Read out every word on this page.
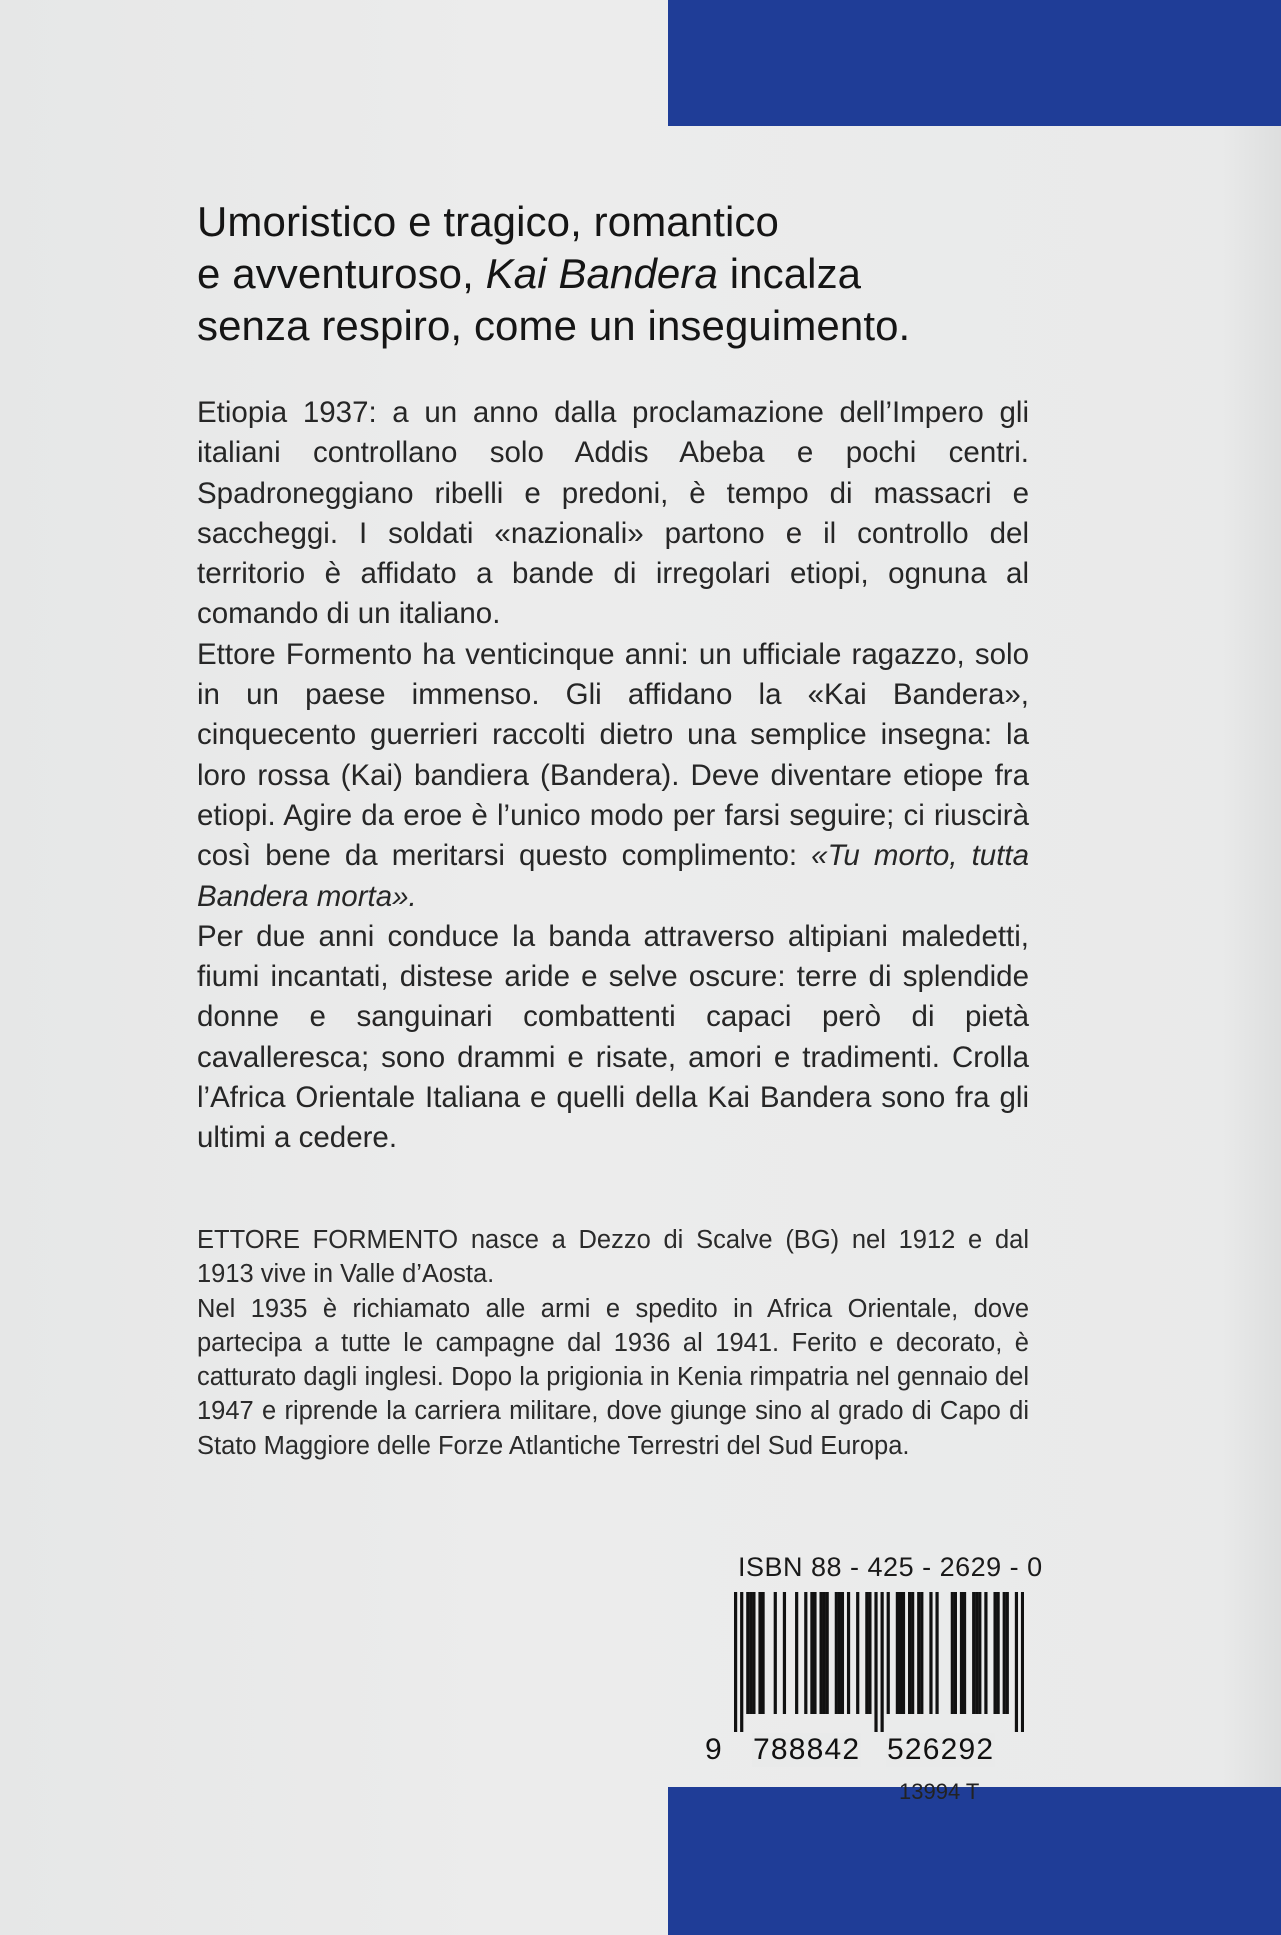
Umoristico e tragico, romantico
e avventuroso, Kai Bandera incalza
senza respiro, come un inseguimento.

Etiopia 1937: a un anno dalla proclamazione dell’Impero gli italiani controllano solo Addis Abeba e pochi centri. Spadroneggiano ribelli e predoni, è tempo di massacri e saccheggi. I soldati «nazionali» partono e il controllo del territorio è affidato a bande di irregolari etiopi, ognuna al comando di un italiano.

Ettore Formento ha venticinque anni: un ufficiale ragazzo, solo in un paese immenso. Gli affidano la «Kai Bandera», cinquecento guerrieri raccolti dietro una semplice insegna: la loro rossa (Kai) bandiera (Bandera). Deve diventare etiope fra etiopi. Agire da eroe è l’unico modo per farsi seguire; ci riuscirà così bene da meritarsi questo complimento: «Tu morto, tutta Bandera morta».

Per due anni conduce la banda attraverso altipiani maledetti, fiumi incantati, distese aride e selve oscure: terre di splendide donne e sanguinari combattenti capaci però di pietà cavalleresca; sono drammi e risate, amori e tradimenti. Crolla l’Africa Orientale Italiana e quelli della Kai Bandera sono fra gli ultimi a cedere.

ETTORE FORMENTO nasce a Dezzo di Scalve (BG) nel 1912 e dal 1913 vive in Valle d’Aosta.

Nel 1935 è richiamato alle armi e spedito in Africa Orientale, dove partecipa a tutte le campagne dal 1936 al 1941. Ferito e decorato, è catturato dagli inglesi. Dopo la prigionia in Kenia rimpatria nel gennaio del 1947 e riprende la carriera militare, dove giunge sino al grado di Capo di Stato Maggiore delle Forze Atlantiche Terrestri del Sud Europa.

ISBN 88 - 425 - 2629 - 0
9 788842 526292
13994 T
